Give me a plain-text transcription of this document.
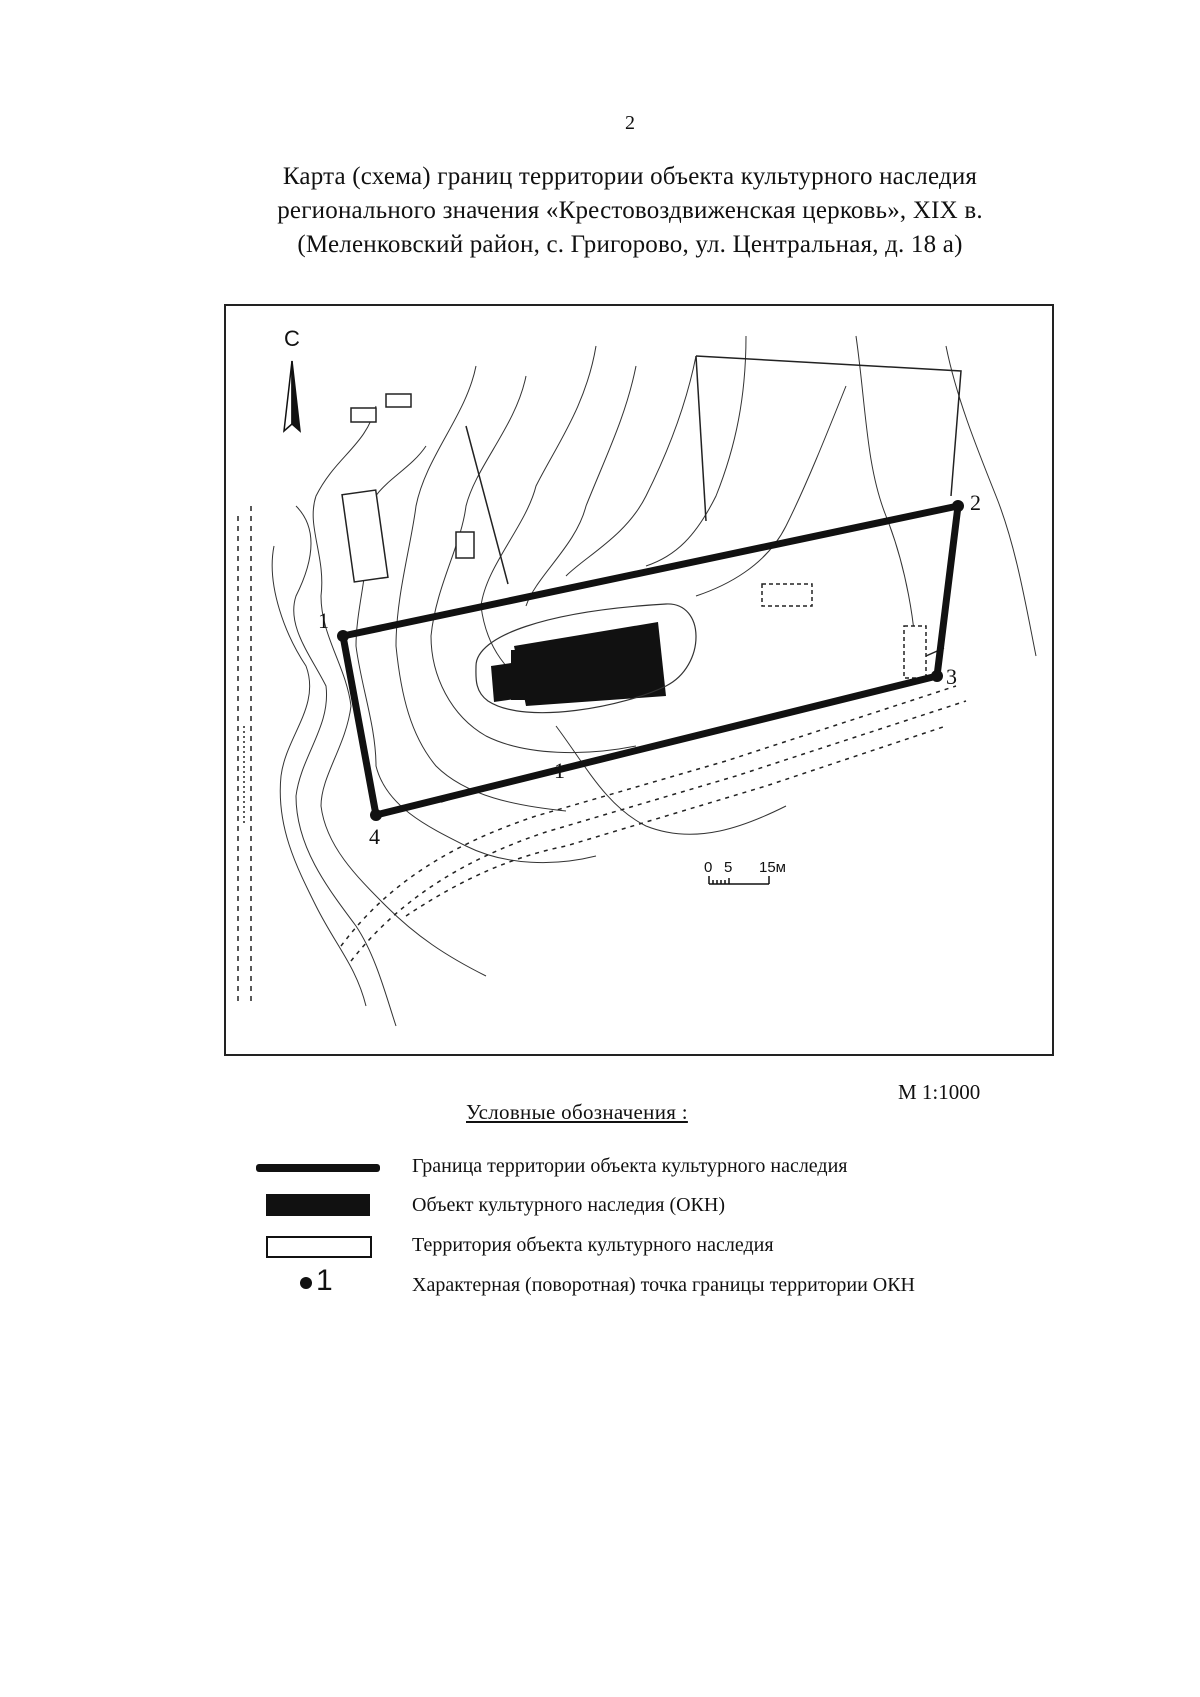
2
Карта (схема) границ территории объекта культурного наследия
регионального значения «Крестовоздвиженская церковь», XIX в.
(Меленковский район, с. Григорово, ул. Центральная, д. 18 а)
1
2
3
4
1
С
0 5 15м
М 1:1000
Условные обозначения :
Граница территории объекта культурного наследия
Объект культурного наследия (ОКН)
Территория объекта культурного наследия
1	Характерная (поворотная) точка границы территории ОКН
